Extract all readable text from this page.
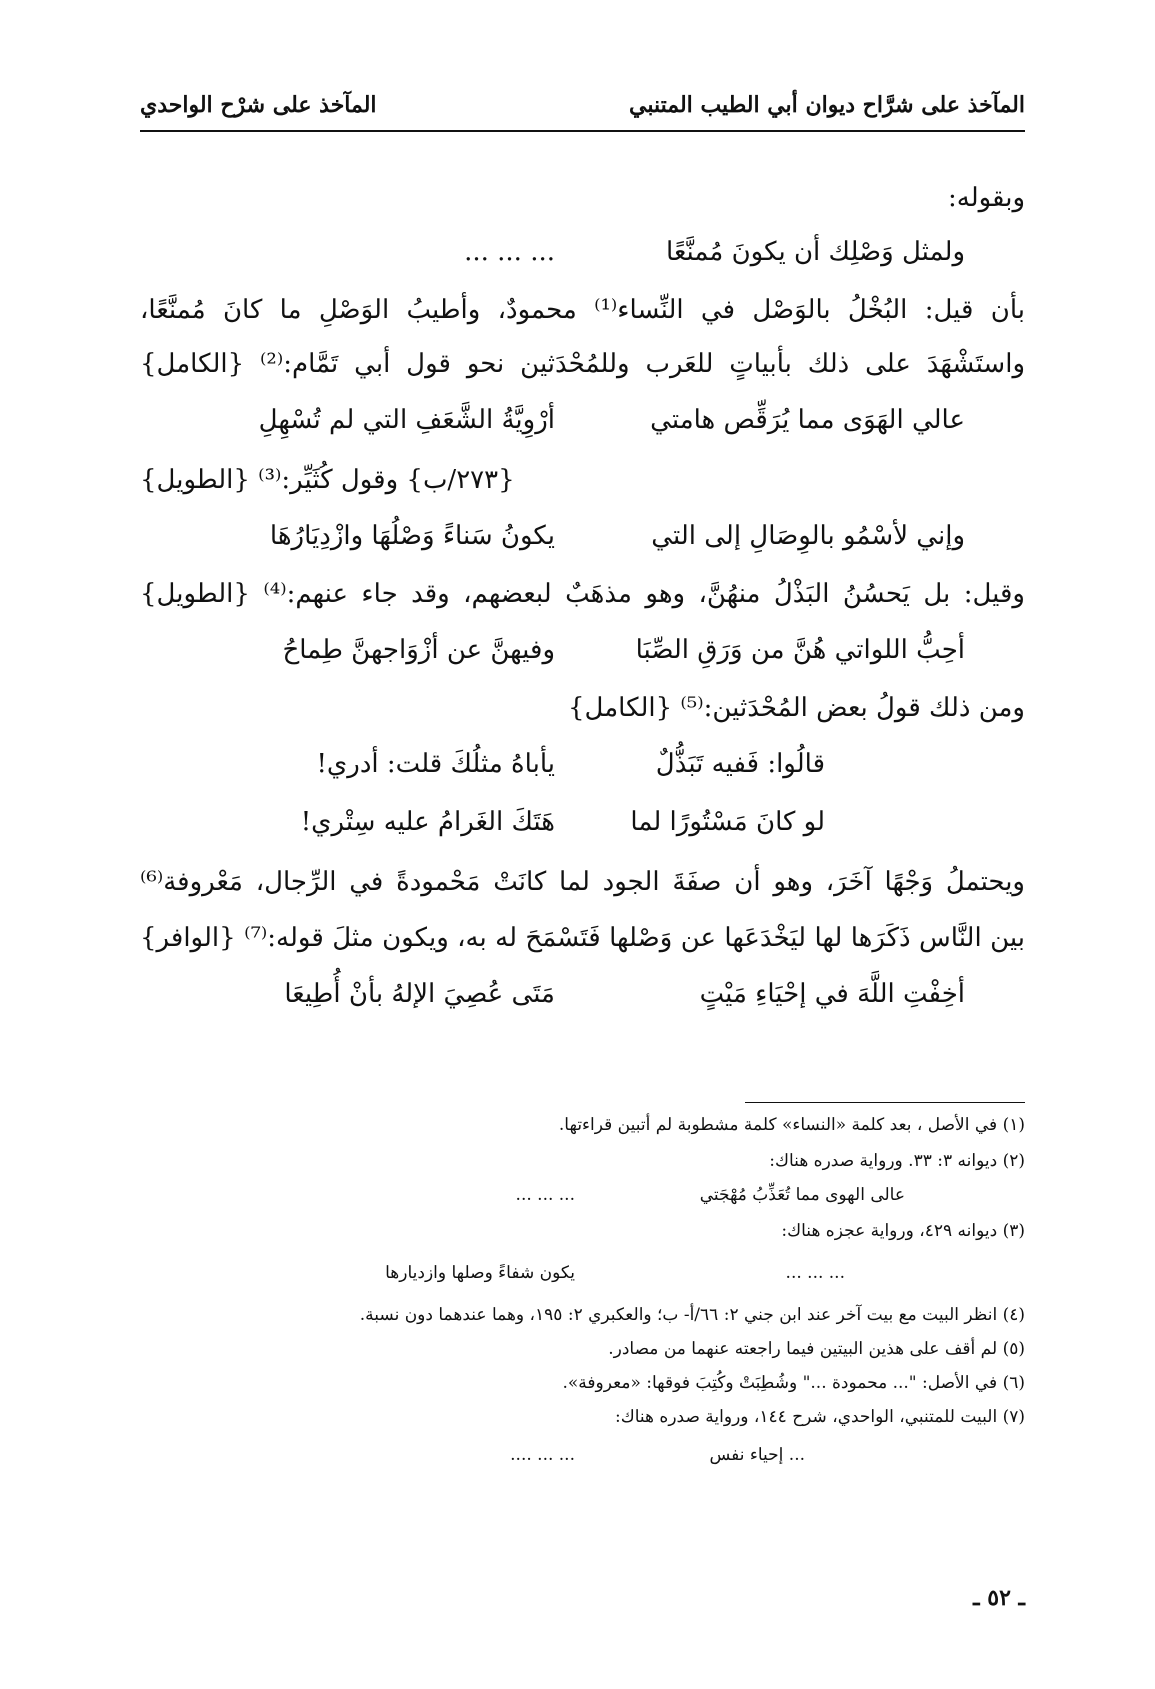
المآخذ على شرَّاح ديوان أبي الطيب المتنبي
المآخذ على شرْح الواحدي
وبقوله:
ولمثل وَصْلِك أن يكونَ مُمنَّعًا
... ... ...
بأن قيل: البُخْلُ بالوَصْل في النِّساء⁽¹⁾ محمودٌ، وأطيبُ الوَصْلِ ما كانَ مُمنَّعًا،
واستَشْهَدَ على ذلك بأبياتٍ للعَرب وللمُحْدَثين نحو قول أبي تَمَّام:⁽²⁾ {الكامل}
عالي الهَوَى مما يُرَقِّص هامتي
أرْوِيَّةُ الشَّعَفِ التي لم تُسْهِلِ
{٢٧٣/ب} وقول كُثَيِّر:⁽³⁾ {الطويل}
وإني لأسْمُو بالوِصَالِ إلى التي
يكونُ سَناءً وَصْلُهَا وازْدِيَارُهَا
وقيل: بل يَحسُنُ البَذْلُ منهُنَّ، وهو مذهَبٌ لبعضهم، وقد جاء عنهم:⁽⁴⁾ {الطويل}
أحِبُّ اللواتي هُنَّ من وَرَقِ الصِّبَا
وفيهنَّ عن أزْوَاجهنَّ طِماحُ
ومن ذلك قولُ بعض المُحْدَثين:⁽⁵⁾ {الكامل}
قالُوا: فَفيه تَبَذُّلٌ
يأباهُ مثلُكَ قلت: أدري!
لو كانَ مَسْتُورًا لما
هَتَكَ الغَرامُ عليه سِتْري!
ويحتملُ وَجْهًا آخَرَ، وهو أن صفَةَ الجود لما كانَتْ مَحْمودةً في الرِّجال، مَعْروفة⁽⁶⁾
بين النَّاس ذَكَرَها لها ليَخْدَعَها عن وَصْلها فَتَسْمَحَ له به، ويكون مثلَ قوله:⁽⁷⁾ {الوافر}
أخِفْتِ اللَّهَ في إحْيَاءِ مَيْتٍ
مَتَى عُصِيَ الإلهُ بأنْ أُطِيعَا
(١) في الأصل ، بعد كلمة «النساء» كلمة مشطوبة لم أتبين قراءتها.
(٢) ديوانه ٣: ٣٣. ورواية صدره هناك:
عالى الهوى مما تُعَذِّبُ مُهْجَتي
... ... ...
(٣) ديوانه ٤٢٩، ورواية عجزه هناك:
... ... ...
يكون شفاءً وصلها وازديارها
(٤) انظر البيت مع بيت آخر عند ابن جني ٢: ٦٦/أ- ب؛ والعكبري ٢: ١٩٥، وهما عندهما دون نسبة.
(٥) لم أقف على هذين البيتين فيما راجعته عنهما من مصادر.
(٦) في الأصل: "... محمودة ..." وشُطِبَتْ وكُتِبَ فوقها: «معروفة».
(٧) البيت للمتنبي، الواحدي، شرح ١٤٤، ورواية صدره هناك:
... إحياء نفس
... ... ....
ـ ٥٢ ـ
